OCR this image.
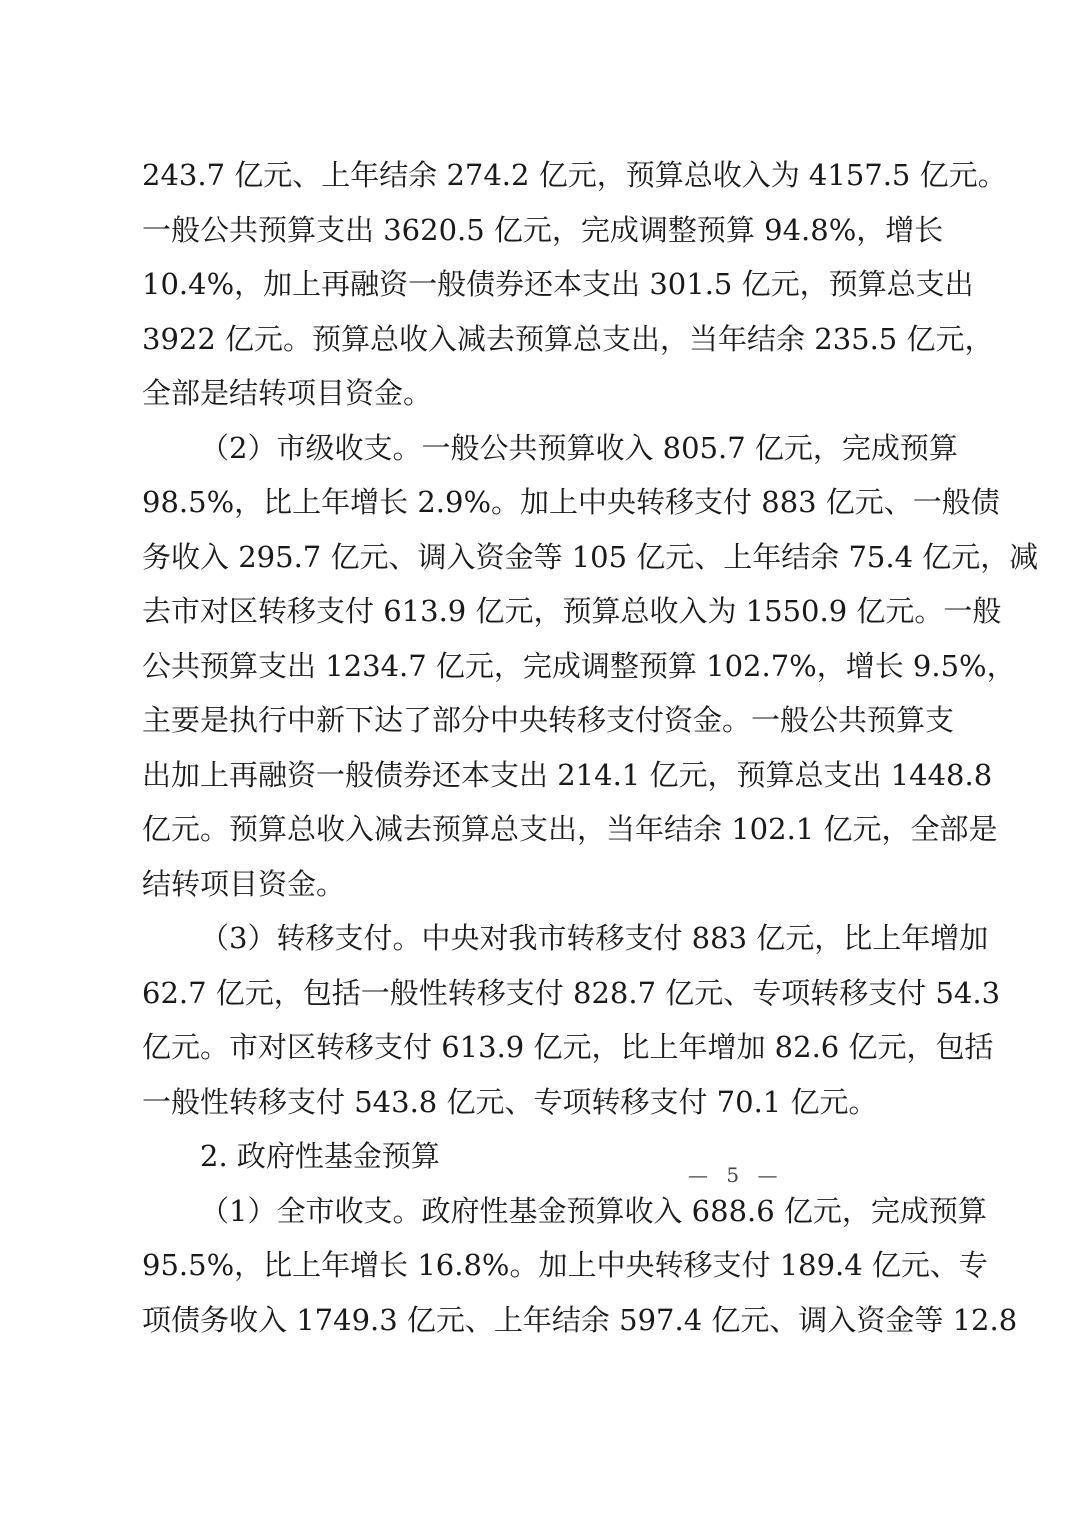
243.7 亿元、上年结余 274.2 亿元，预算总收入为 4157.5 亿元。
一般公共预算支出 3620.5 亿元，完成调整预算 94.8%，增长
10.4%，加上再融资一般债券还本支出 301.5 亿元，预算总支出
3922 亿元。预算总收入减去预算总支出，当年结余 235.5 亿元，
全部是结转项目资金。
（2）市级收支。一般公共预算收入 805.7 亿元，完成预算
98.5%，比上年增长 2.9%。加上中央转移支付 883 亿元、一般债
务收入 295.7 亿元、调入资金等 105 亿元、上年结余 75.4 亿元，减
去市对区转移支付 613.9 亿元，预算总收入为 1550.9 亿元。一般
公共预算支出 1234.7 亿元，完成调整预算 102.7%，增长 9.5%，
主要是执行中新下达了部分中央转移支付资金。一般公共预算支
出加上再融资一般债券还本支出 214.1 亿元，预算总支出 1448.8
亿元。预算总收入减去预算总支出，当年结余 102.1 亿元，全部是
结转项目资金。
（3）转移支付。中央对我市转移支付 883 亿元，比上年增加
62.7 亿元，包括一般性转移支付 828.7 亿元、专项转移支付 54.3
亿元。市对区转移支付 613.9 亿元，比上年增加 82.6 亿元，包括
一般性转移支付 543.8 亿元、专项转移支付 70.1 亿元。
2. 政府性基金预算
（1）全市收支。政府性基金预算收入 688.6 亿元，完成预算
95.5%，比上年增长 16.8%。加上中央转移支付 189.4 亿元、专
项债务收入 1749.3 亿元、上年结余 597.4 亿元、调入资金等 12.8
— 5 —
